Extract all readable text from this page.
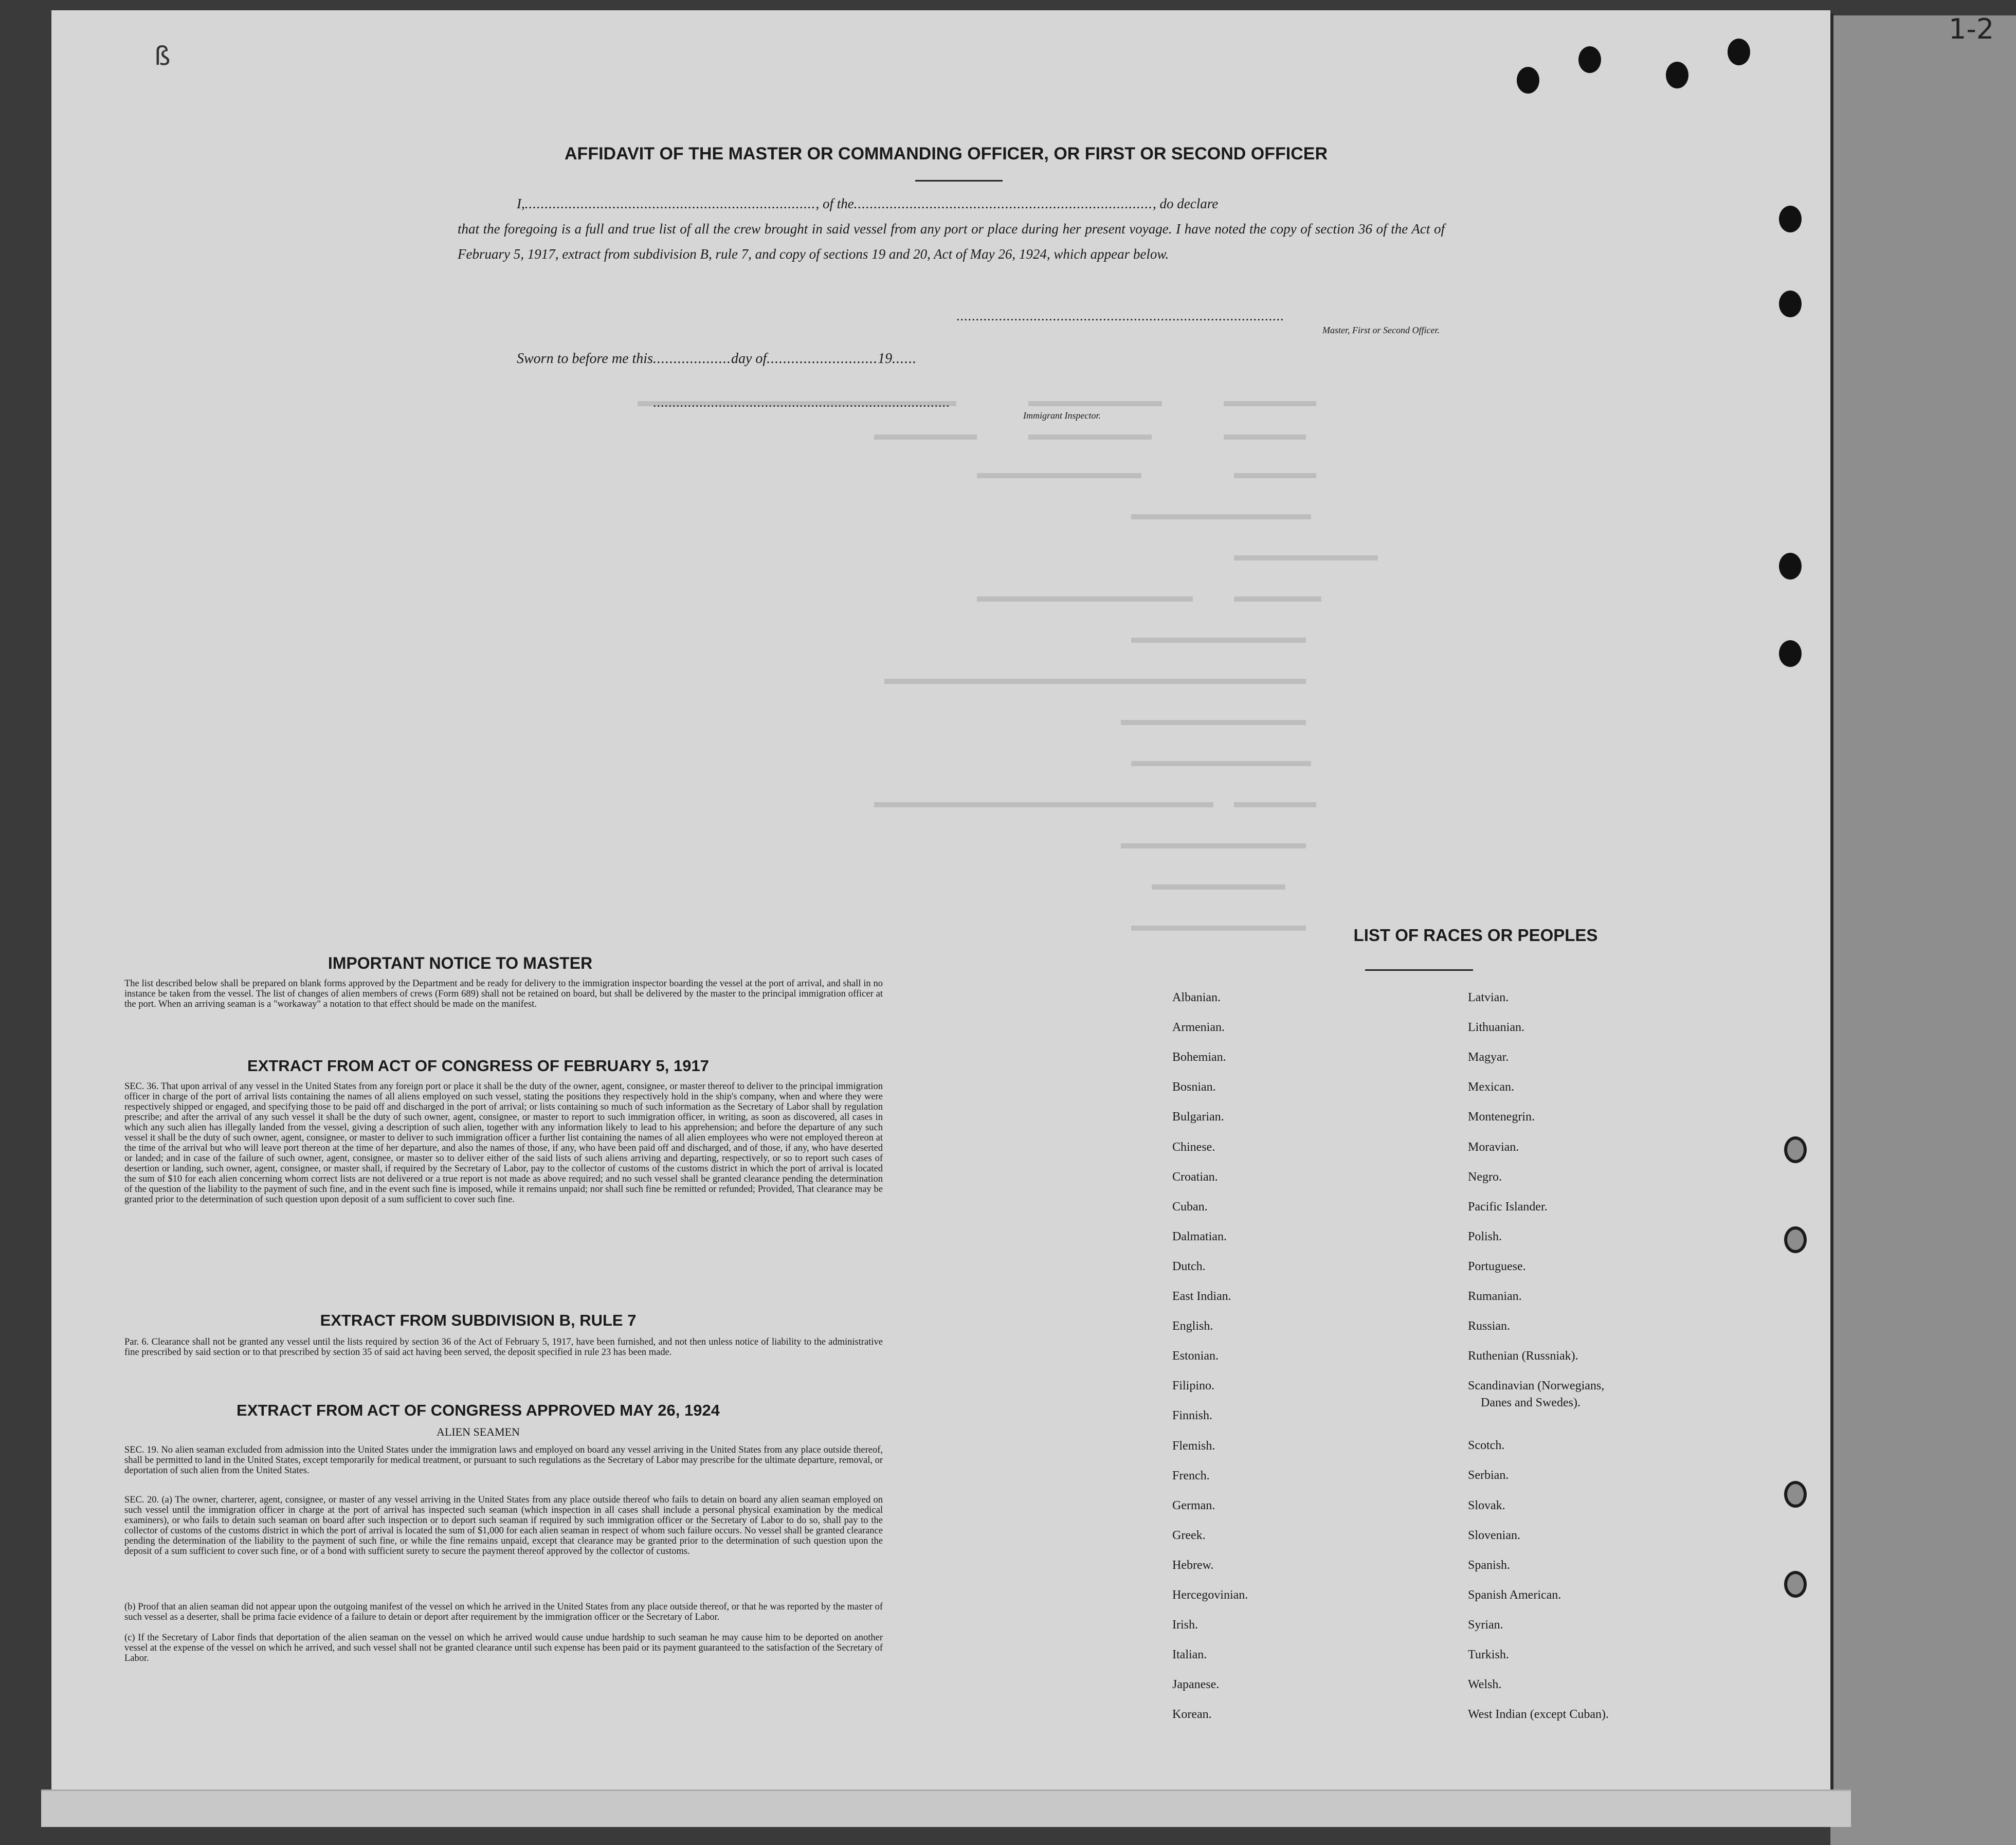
1-2
ß
AFFIDAVIT OF THE MASTER OR COMMANDING OFFICER, OR FIRST OR SECOND OFFICER
I,........................................................................., of the..........................................................................., do declare
that the foregoing is a full and true list of all the crew brought in said vessel from any port or place during her present voyage. I have noted the copy of section 36 of the Act of February 5, 1917, extract from subdivision B, rule 7, and copy of sections 19 and 20, Act of May 26, 1924, which appear below.
.....................................................................................
Master, First or Second Officer.
Sworn to before me this...................day of...........................19......
.............................................................................
Immigrant Inspector.
IMPORTANT NOTICE TO MASTER
The list described below shall be prepared on blank forms approved by the Department and be ready for delivery to the immigration inspector boarding the vessel at the port of arrival, and shall in no instance be taken from the vessel. The list of changes of alien members of crews (Form 689) shall not be retained on board, but shall be delivered by the master to the principal immigration officer at the port. When an arriving seaman is a "workaway" a notation to that effect should be made on the manifest.
EXTRACT FROM ACT OF CONGRESS OF FEBRUARY 5, 1917
SEC. 36. That upon arrival of any vessel in the United States from any foreign port or place it shall be the duty of the owner, agent, consignee, or master thereof to deliver to the principal immigration officer in charge of the port of arrival lists containing the names of all aliens employed on such vessel, stating the positions they respectively hold in the ship's company, when and where they were respectively shipped or engaged, and specifying those to be paid off and discharged in the port of arrival; or lists containing so much of such information as the Secretary of Labor shall by regulation prescribe; and after the arrival of any such vessel it shall be the duty of such owner, agent, consignee, or master to report to such immigration officer, in writing, as soon as discovered, all cases in which any such alien has illegally landed from the vessel, giving a description of such alien, together with any information likely to lead to his apprehension; and before the departure of any such vessel it shall be the duty of such owner, agent, consignee, or master to deliver to such immigration officer a further list containing the names of all alien employees who were not employed thereon at the time of the arrival but who will leave port thereon at the time of her departure, and also the names of those, if any, who have been paid off and discharged, and of those, if any, who have deserted or landed; and in case of the failure of such owner, agent, consignee, or master so to deliver either of the said lists of such aliens arriving and departing, respectively, or so to report such cases of desertion or landing, such owner, agent, consignee, or master shall, if required by the Secretary of Labor, pay to the collector of customs of the customs district in which the port of arrival is located the sum of $10 for each alien concerning whom correct lists are not delivered or a true report is not made as above required; and no such vessel shall be granted clearance pending the determination of the question of the liability to the payment of such fine, and in the event such fine is imposed, while it remains unpaid; nor shall such fine be remitted or refunded; Provided, That clearance may be granted prior to the determination of such question upon deposit of a sum sufficient to cover such fine.
EXTRACT FROM SUBDIVISION B, RULE 7
Par. 6. Clearance shall not be granted any vessel until the lists required by section 36 of the Act of February 5, 1917, have been furnished, and not then unless notice of liability to the administrative fine prescribed by said section or to that prescribed by section 35 of said act having been served, the deposit specified in rule 23 has been made.
EXTRACT FROM ACT OF CONGRESS APPROVED MAY 26, 1924
ALIEN SEAMEN
SEC. 19. No alien seaman excluded from admission into the United States under the immigration laws and employed on board any vessel arriving in the United States from any place outside thereof, shall be permitted to land in the United States, except temporarily for medical treatment, or pursuant to such regulations as the Secretary of Labor may prescribe for the ultimate departure, removal, or deportation of such alien from the United States.
SEC. 20. (a) The owner, charterer, agent, consignee, or master of any vessel arriving in the United States from any place outside thereof who fails to detain on board any alien seaman employed on such vessel until the immigration officer in charge at the port of arrival has inspected such seaman (which inspection in all cases shall include a personal physical examination by the medical examiners), or who fails to detain such seaman on board after such inspection or to deport such seaman if required by such immigration officer or the Secretary of Labor to do so, shall pay to the collector of customs of the customs district in which the port of arrival is located the sum of $1,000 for each alien seaman in respect of whom such failure occurs. No vessel shall be granted clearance pending the determination of the liability to the payment of such fine, or while the fine remains unpaid, except that clearance may be granted prior to the determination of such question upon the deposit of a sum sufficient to cover such fine, or of a bond with sufficient surety to secure the payment thereof approved by the collector of customs.
(b) Proof that an alien seaman did not appear upon the outgoing manifest of the vessel on which he arrived in the United States from any place outside thereof, or that he was reported by the master of such vessel as a deserter, shall be prima facie evidence of a failure to detain or deport after requirement by the immigration officer or the Secretary of Labor.
(c) If the Secretary of Labor finds that deportation of the alien seaman on the vessel on which he arrived would cause undue hardship to such seaman he may cause him to be deported on another vessel at the expense of the vessel on which he arrived, and such vessel shall not be granted clearance until such expense has been paid or its payment guaranteed to the satisfaction of the Secretary of Labor.
LIST OF RACES OR PEOPLES
Albanian.
Armenian.
Bohemian.
Bosnian.
Bulgarian.
Chinese.
Croatian.
Cuban.
Dalmatian.
Dutch.
East Indian.
English.
Estonian.
Filipino.
Finnish.
Flemish.
French.
German.
Greek.
Hebrew.
Hercegovinian.
Irish.
Italian.
Japanese.
Korean.
Latvian.
Lithuanian.
Magyar.
Mexican.
Montenegrin.
Moravian.
Negro.
Pacific Islander.
Polish.
Portuguese.
Rumanian.
Russian.
Ruthenian (Russniak).
Scandinavian (Norwegians,
Danes and Swedes).
Scotch.
Serbian.
Slovak.
Slovenian.
Spanish.
Spanish American.
Syrian.
Turkish.
Welsh.
West Indian (except Cuban).
